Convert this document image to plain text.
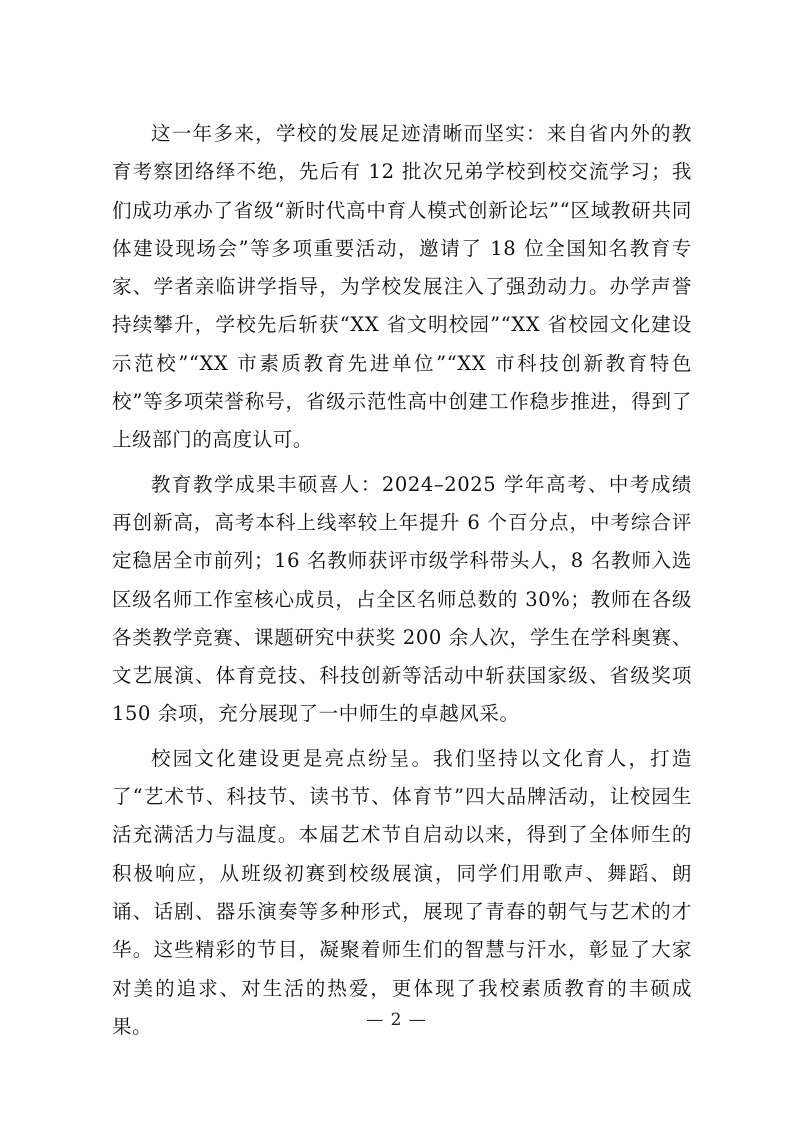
这一年多来，学校的发展足迹清晰而坚实：来自省内外的教育考察团络绎不绝，先后有 12 批次兄弟学校到校交流学习；我们成功承办了省级“新时代高中育人模式创新论坛”“区域教研共同体建设现场会”等多项重要活动，邀请了 18 位全国知名教育专家、学者亲临讲学指导，为学校发展注入了强劲动力。办学声誉持续攀升，学校先后斩获“XX 省文明校园”“XX 省校园文化建设示范校”“XX 市素质教育先进单位”“XX 市科技创新教育特色校”等多项荣誉称号，省级示范性高中创建工作稳步推进，得到了上级部门的高度认可。

教育教学成果丰硕喜人：2024–2025 学年高考、中考成绩再创新高，高考本科上线率较上年提升 6 个百分点，中考综合评定稳居全市前列；16 名教师获评市级学科带头人，8 名教师入选区级名师工作室核心成员，占全区名师总数的 30%；教师在各级各类教学竞赛、课题研究中获奖 200 余人次，学生在学科奥赛、文艺展演、体育竞技、科技创新等活动中斩获国家级、省级奖项 150 余项，充分展现了一中师生的卓越风采。

校园文化建设更是亮点纷呈。我们坚持以文化育人，打造了“艺术节、科技节、读书节、体育节”四大品牌活动，让校园生活充满活力与温度。本届艺术节自启动以来，得到了全体师生的积极响应，从班级初赛到校级展演，同学们用歌声、舞蹈、朗诵、话剧、器乐演奏等多种形式，展现了青春的朝气与艺术的才华。这些精彩的节目，凝聚着师生们的智慧与汗水，彰显了大家对美的追求、对生活的热爱，更体现了我校素质教育的丰硕成果。	— 2 —
